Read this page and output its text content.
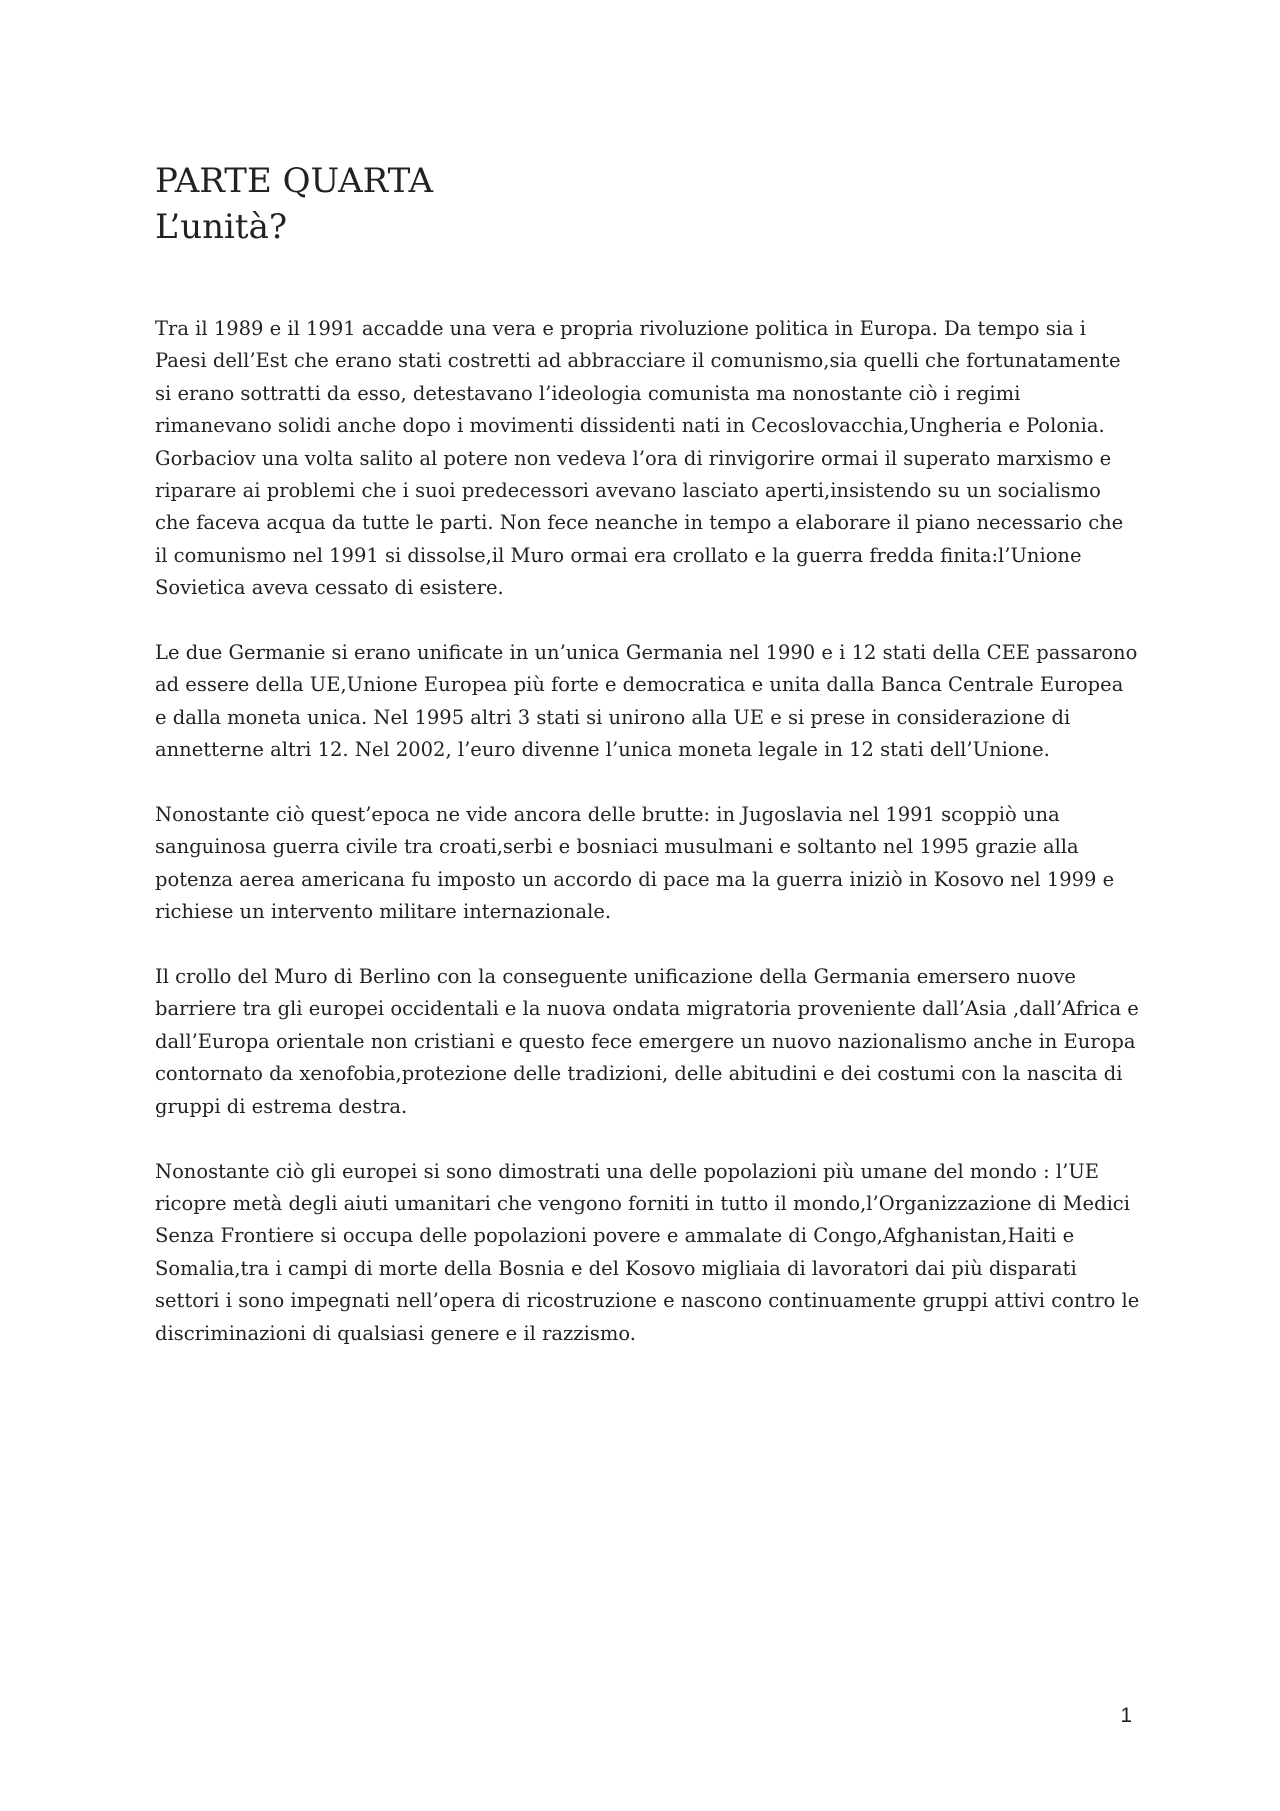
PARTE QUARTA
L’unità?

Tra il 1989 e il 1991 accadde una vera e propria rivoluzione politica in Europa. Da tempo sia i Paesi dell’Est che erano stati costretti ad abbracciare il comunismo,sia quelli che fortunatamente si erano sottratti da esso, detestavano l’ideologia comunista ma nonostante ciò i regimi rimanevano solidi anche dopo i movimenti dissidenti nati in Cecoslovacchia,Ungheria e Polonia. Gorbaciov una volta salito al potere non vedeva l’ora di rinvigorire ormai il superato marxismo e riparare ai problemi che i suoi predecessori avevano lasciato aperti,insistendo su un socialismo che faceva acqua da tutte le parti. Non fece neanche in tempo a elaborare il piano necessario che il comunismo nel 1991 si dissolse,il Muro ormai era crollato e la guerra fredda finita:l’Unione Sovietica aveva cessato di esistere.

Le due Germanie si erano unificate in un’unica Germania nel 1990 e i 12 stati della CEE passarono ad essere della UE,Unione Europea più forte e democratica e unita dalla Banca Centrale Europea e dalla moneta unica. Nel 1995 altri 3 stati si unirono alla UE e si prese in considerazione di annetterne altri 12. Nel 2002, l’euro divenne l’unica moneta legale in 12 stati dell’Unione.

Nonostante ciò quest’epoca ne vide ancora delle brutte: in Jugoslavia nel 1991 scoppiò una sanguinosa guerra civile tra croati,serbi e bosniaci musulmani e soltanto nel 1995 grazie alla potenza aerea americana fu imposto un accordo di pace ma la guerra iniziò in Kosovo nel 1999 e richiese un intervento militare internazionale.

Il crollo del Muro di Berlino con la conseguente unificazione della Germania emersero nuove barriere tra gli europei occidentali e la nuova ondata migratoria proveniente dall’Asia ,dall’Africa e dall’Europa orientale non cristiani e questo fece emergere un nuovo nazionalismo anche in Europa contornato da xenofobia,protezione delle tradizioni, delle abitudini e dei costumi con la nascita di gruppi di estrema destra.

Nonostante ciò gli europei si sono dimostrati una delle popolazioni più umane del mondo : l’UE ricopre metà degli aiuti umanitari che vengono forniti in tutto il mondo,l’Organizzazione di Medici Senza Frontiere si occupa delle popolazioni povere e ammalate di Congo,Afghanistan,Haiti e Somalia,tra i campi di morte della Bosnia e del Kosovo migliaia di lavoratori dai più disparati settori i sono impegnati nell’opera di ricostruzione e nascono continuamente gruppi attivi contro le discriminazioni di qualsiasi genere e il razzismo.

1
